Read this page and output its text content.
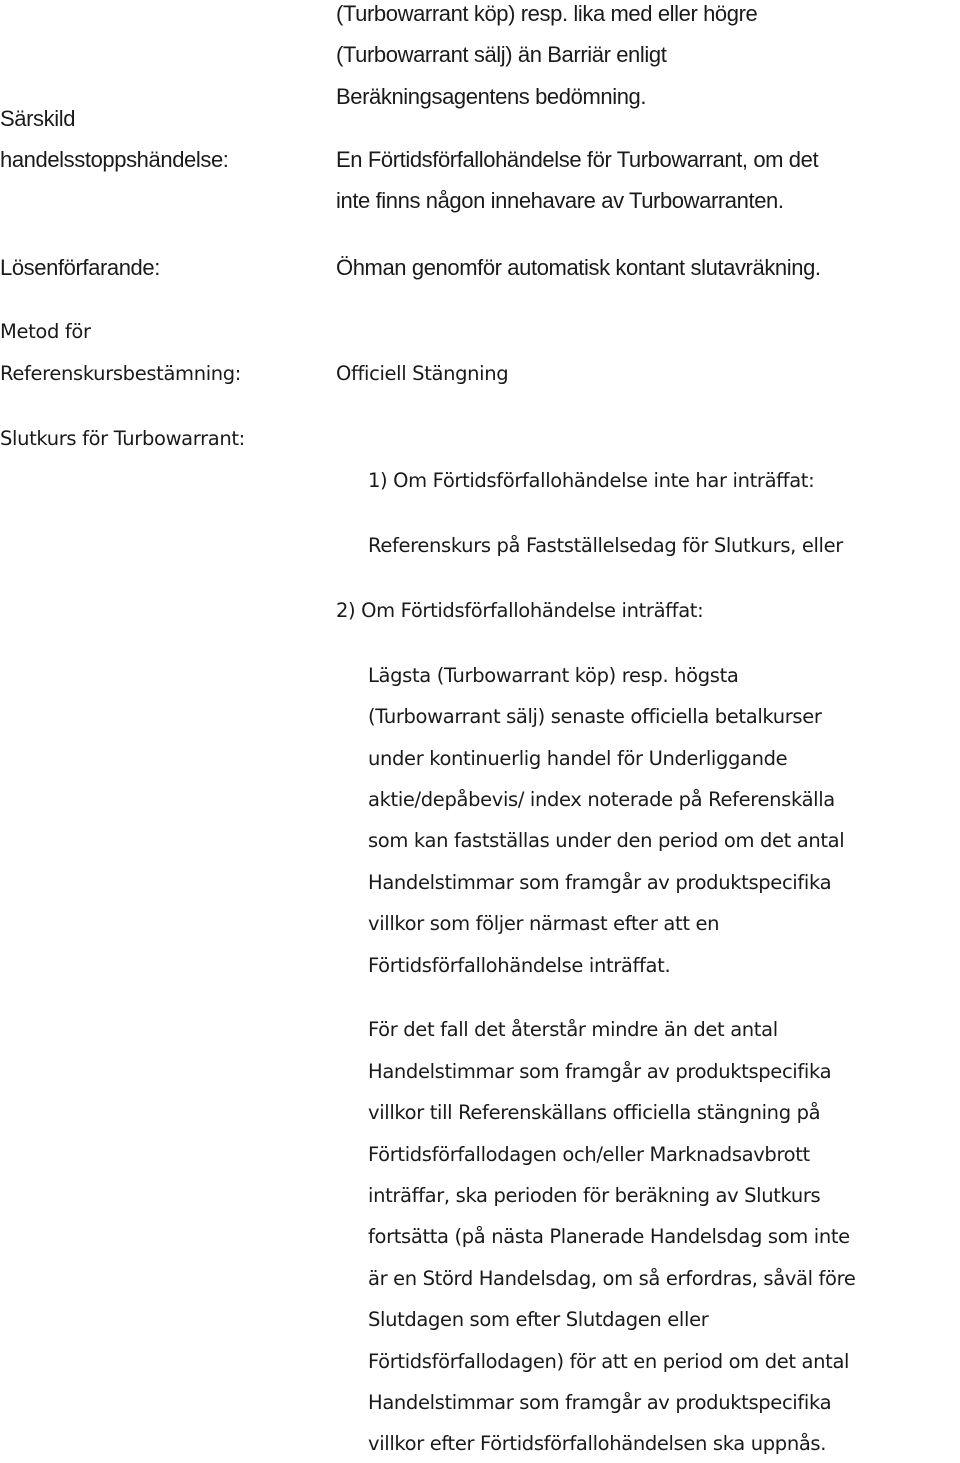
(Turbowarrant köp) resp. lika med eller högre
(Turbowarrant sälj) än Barriär enligt
Beräkningsagentens bedömning.
Särskild
handelsstoppshändelse:	En Förtidsförfallohändelse för Turbowarrant, om det
inte finns någon innehavare av Turbowarranten.
Lösenförfarande:	Öhman genomför automatisk kontant slutavräkning.
Metod för
Referenskursbestämning:	Officiell Stängning
Slutkurs för Turbowarrant:
1) Om Förtidsförfallohändelse inte har inträffat:
Referenskurs på Fastställelsedag för Slutkurs, eller
2) Om Förtidsförfallohändelse inträffat:
Lägsta (Turbowarrant köp) resp. högsta
(Turbowarrant sälj) senaste officiella betalkurser
under kontinuerlig handel för Underliggande
aktie/depåbevis/ index noterade på Referenskälla
som kan fastställas under den period om det antal
Handelstimmar som framgår av produktspecifika
villkor som följer närmast efter att en
Förtidsförfallohändelse inträffat.
För det fall det återstår mindre än det antal
Handelstimmar som framgår av produktspecifika
villkor till Referenskällans officiella stängning på
Förtidsförfallodagen och/eller Marknadsavbrott
inträffar, ska perioden för beräkning av Slutkurs
fortsätta (på nästa Planerade Handelsdag som inte
är en Störd Handelsdag, om så erfordras, såväl före
Slutdagen som efter Slutdagen eller
Förtidsförfallodagen) för att en period om det antal
Handelstimmar som framgår av produktspecifika
villkor efter Förtidsförfallohändelsen ska uppnås.
